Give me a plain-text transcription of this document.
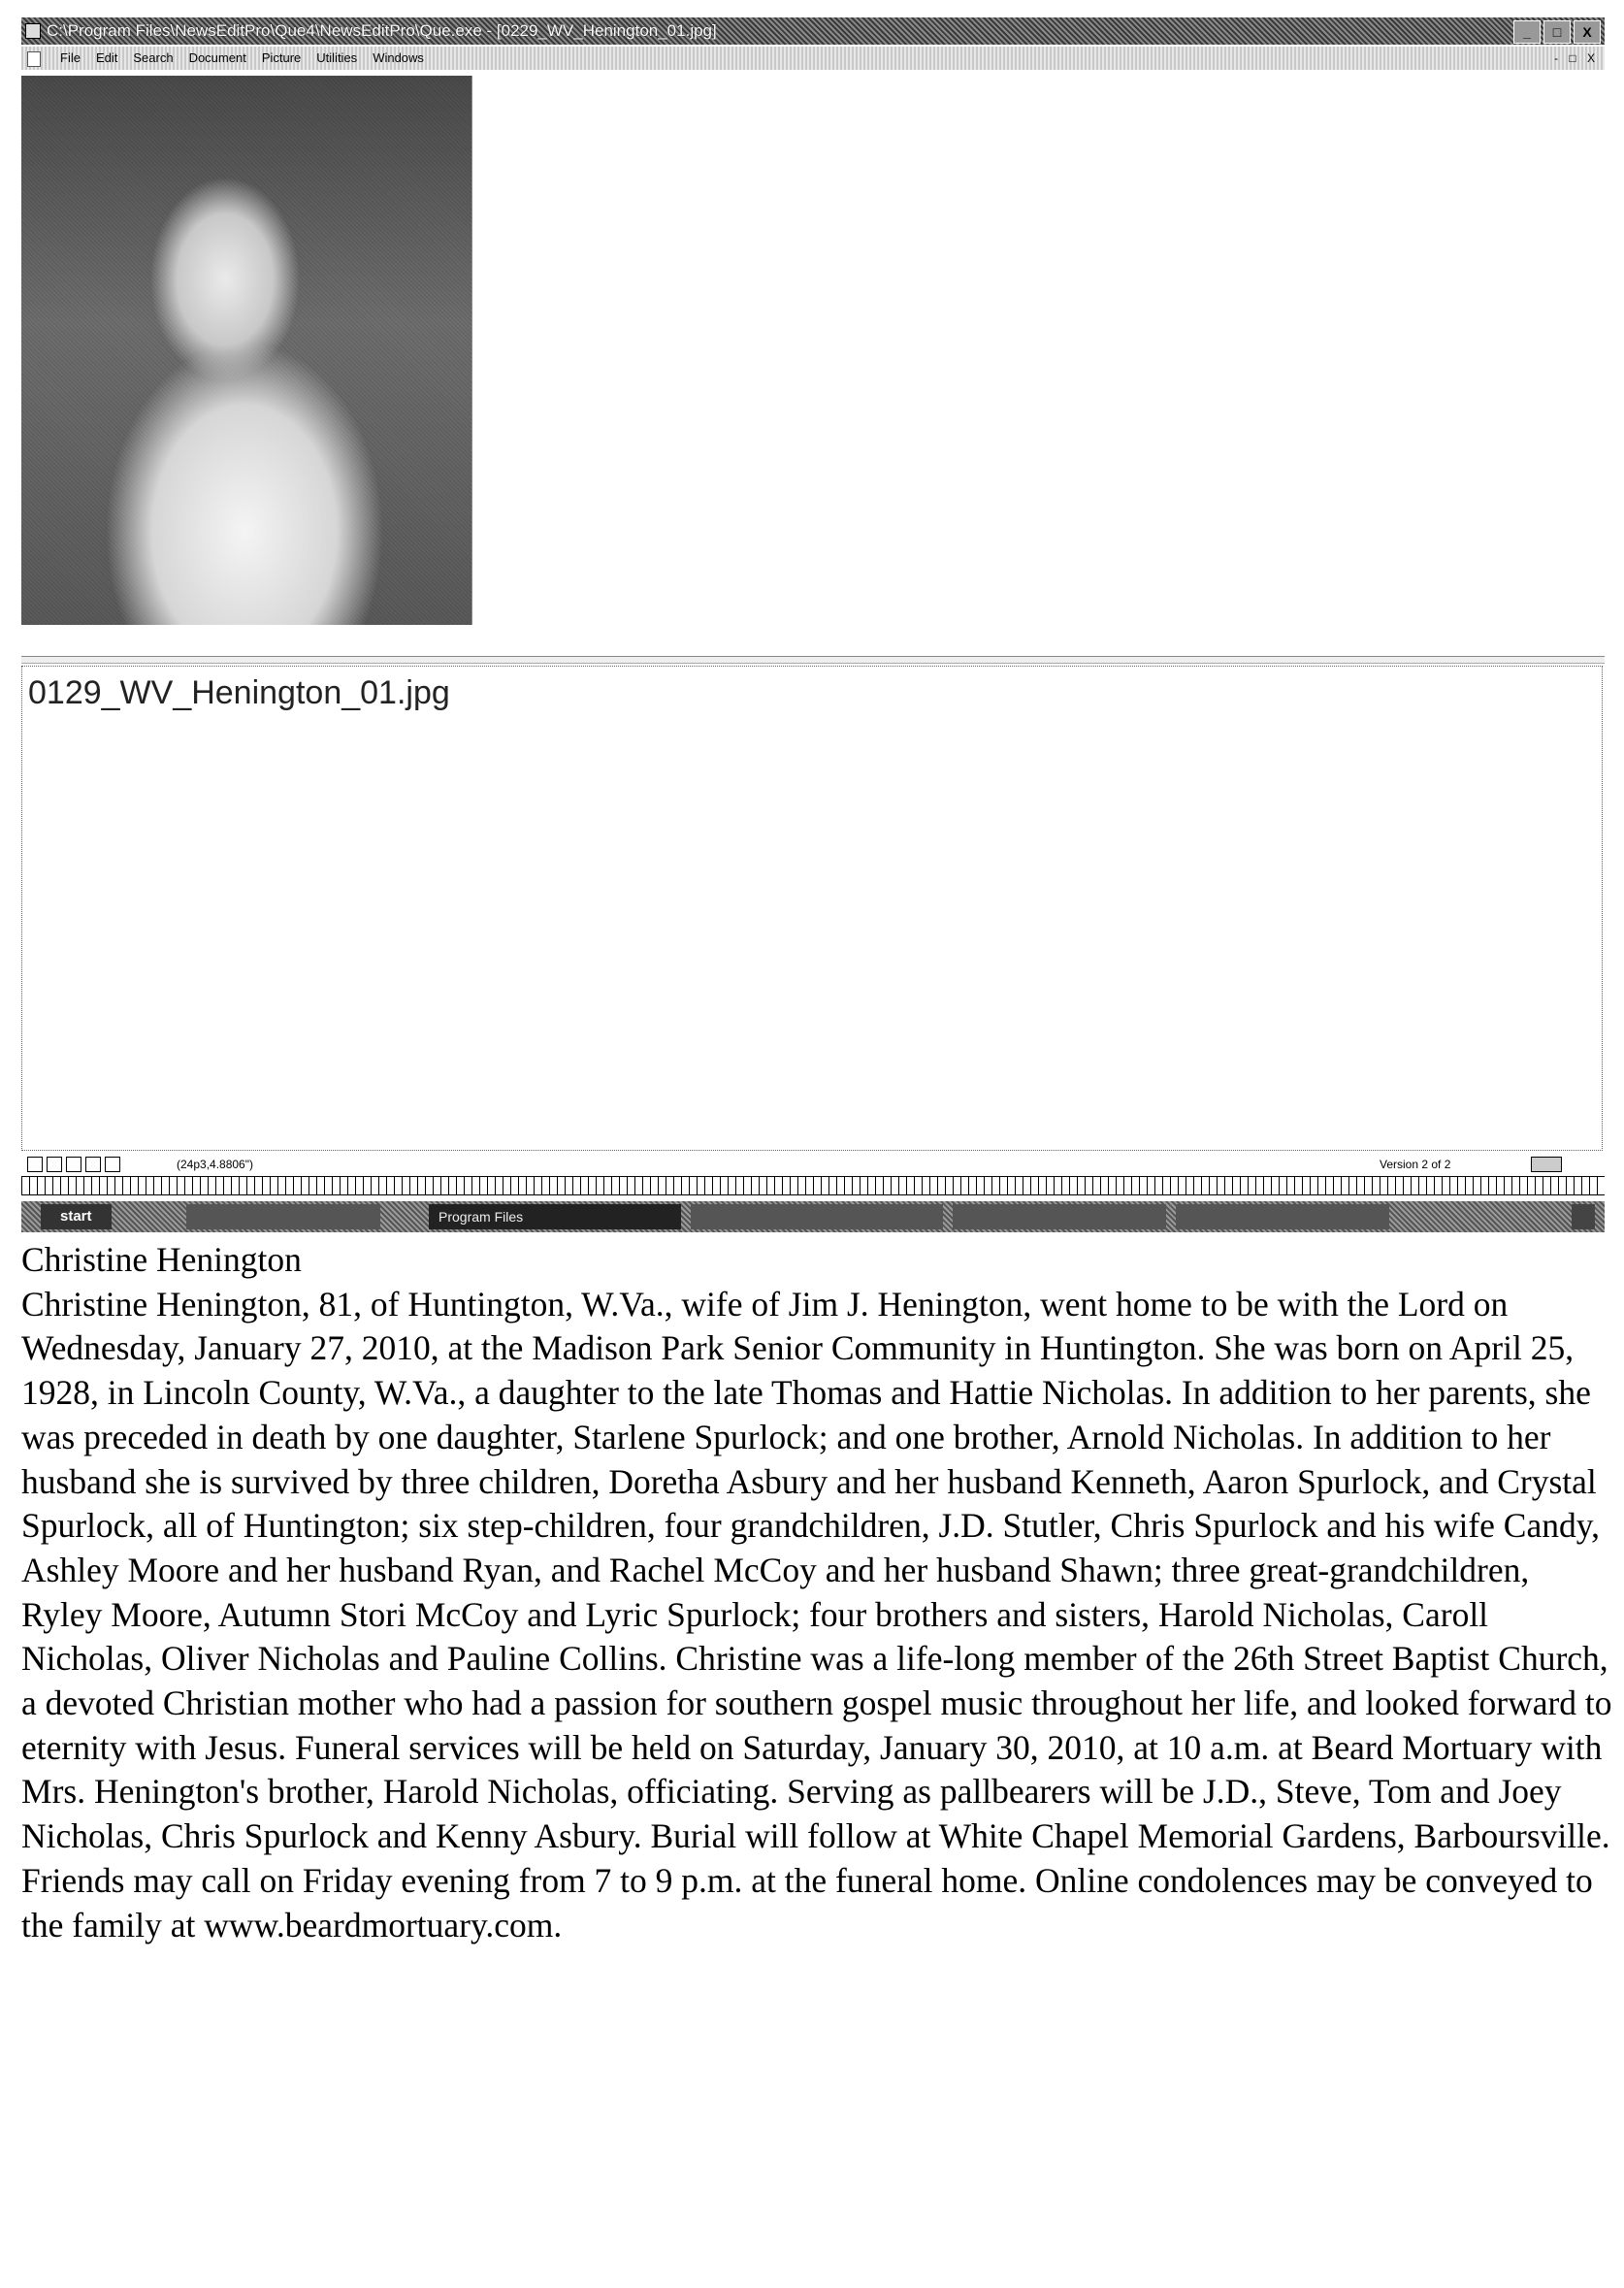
C:\Program Files\NewsEditPro\Que4\NewsEditPro\Que.exe - [0229_WV_Henington_01.jpg]	_	□	X
File Edit Search Document Picture Utilities Windows	- □ X
0129_WV_Henington_01.jpg
(24p3,4.8806")	Version 2 of 2
start	Program Files
Christine Henington
Christine Henington, 81, of Huntington, W.Va., wife of Jim J. Henington, went home to be with the Lord on Wednesday, January 27, 2010, at the Madison Park Senior Community in Huntington. She was born on April 25, 1928, in Lincoln County, W.Va., a daughter to the late Thomas and Hattie Nicholas. In addition to her parents, she was preceded in death by one daughter, Starlene Spurlock; and one brother, Arnold Nicholas. In addition to her husband she is survived by three children, Doretha Asbury and her husband Kenneth, Aaron Spurlock, and Crystal Spurlock, all of Huntington; six step-children, four grandchildren, J.D. Stutler, Chris Spurlock and his wife Candy, Ashley Moore and her husband Ryan, and Rachel McCoy and her husband Shawn; three great-grandchildren, Ryley Moore, Autumn Stori McCoy and Lyric Spurlock; four brothers and sisters, Harold Nicholas, Caroll Nicholas, Oliver Nicholas and Pauline Collins. Christine was a life-long member of the 26th Street Baptist Church, a devoted Christian mother who had a passion for southern gospel music throughout her life, and looked forward to eternity with Jesus. Funeral services will be held on Saturday, January 30, 2010, at 10 a.m. at Beard Mortuary with Mrs. Henington's brother, Harold Nicholas, officiating. Serving as pallbearers will be J.D., Steve, Tom and Joey Nicholas, Chris Spurlock and Kenny Asbury. Burial will follow at White Chapel Memorial Gardens, Barboursville. Friends may call on Friday evening from 7 to 9 p.m. at the funeral home. Online condolences may be conveyed to the family at www.beardmortuary.com.
